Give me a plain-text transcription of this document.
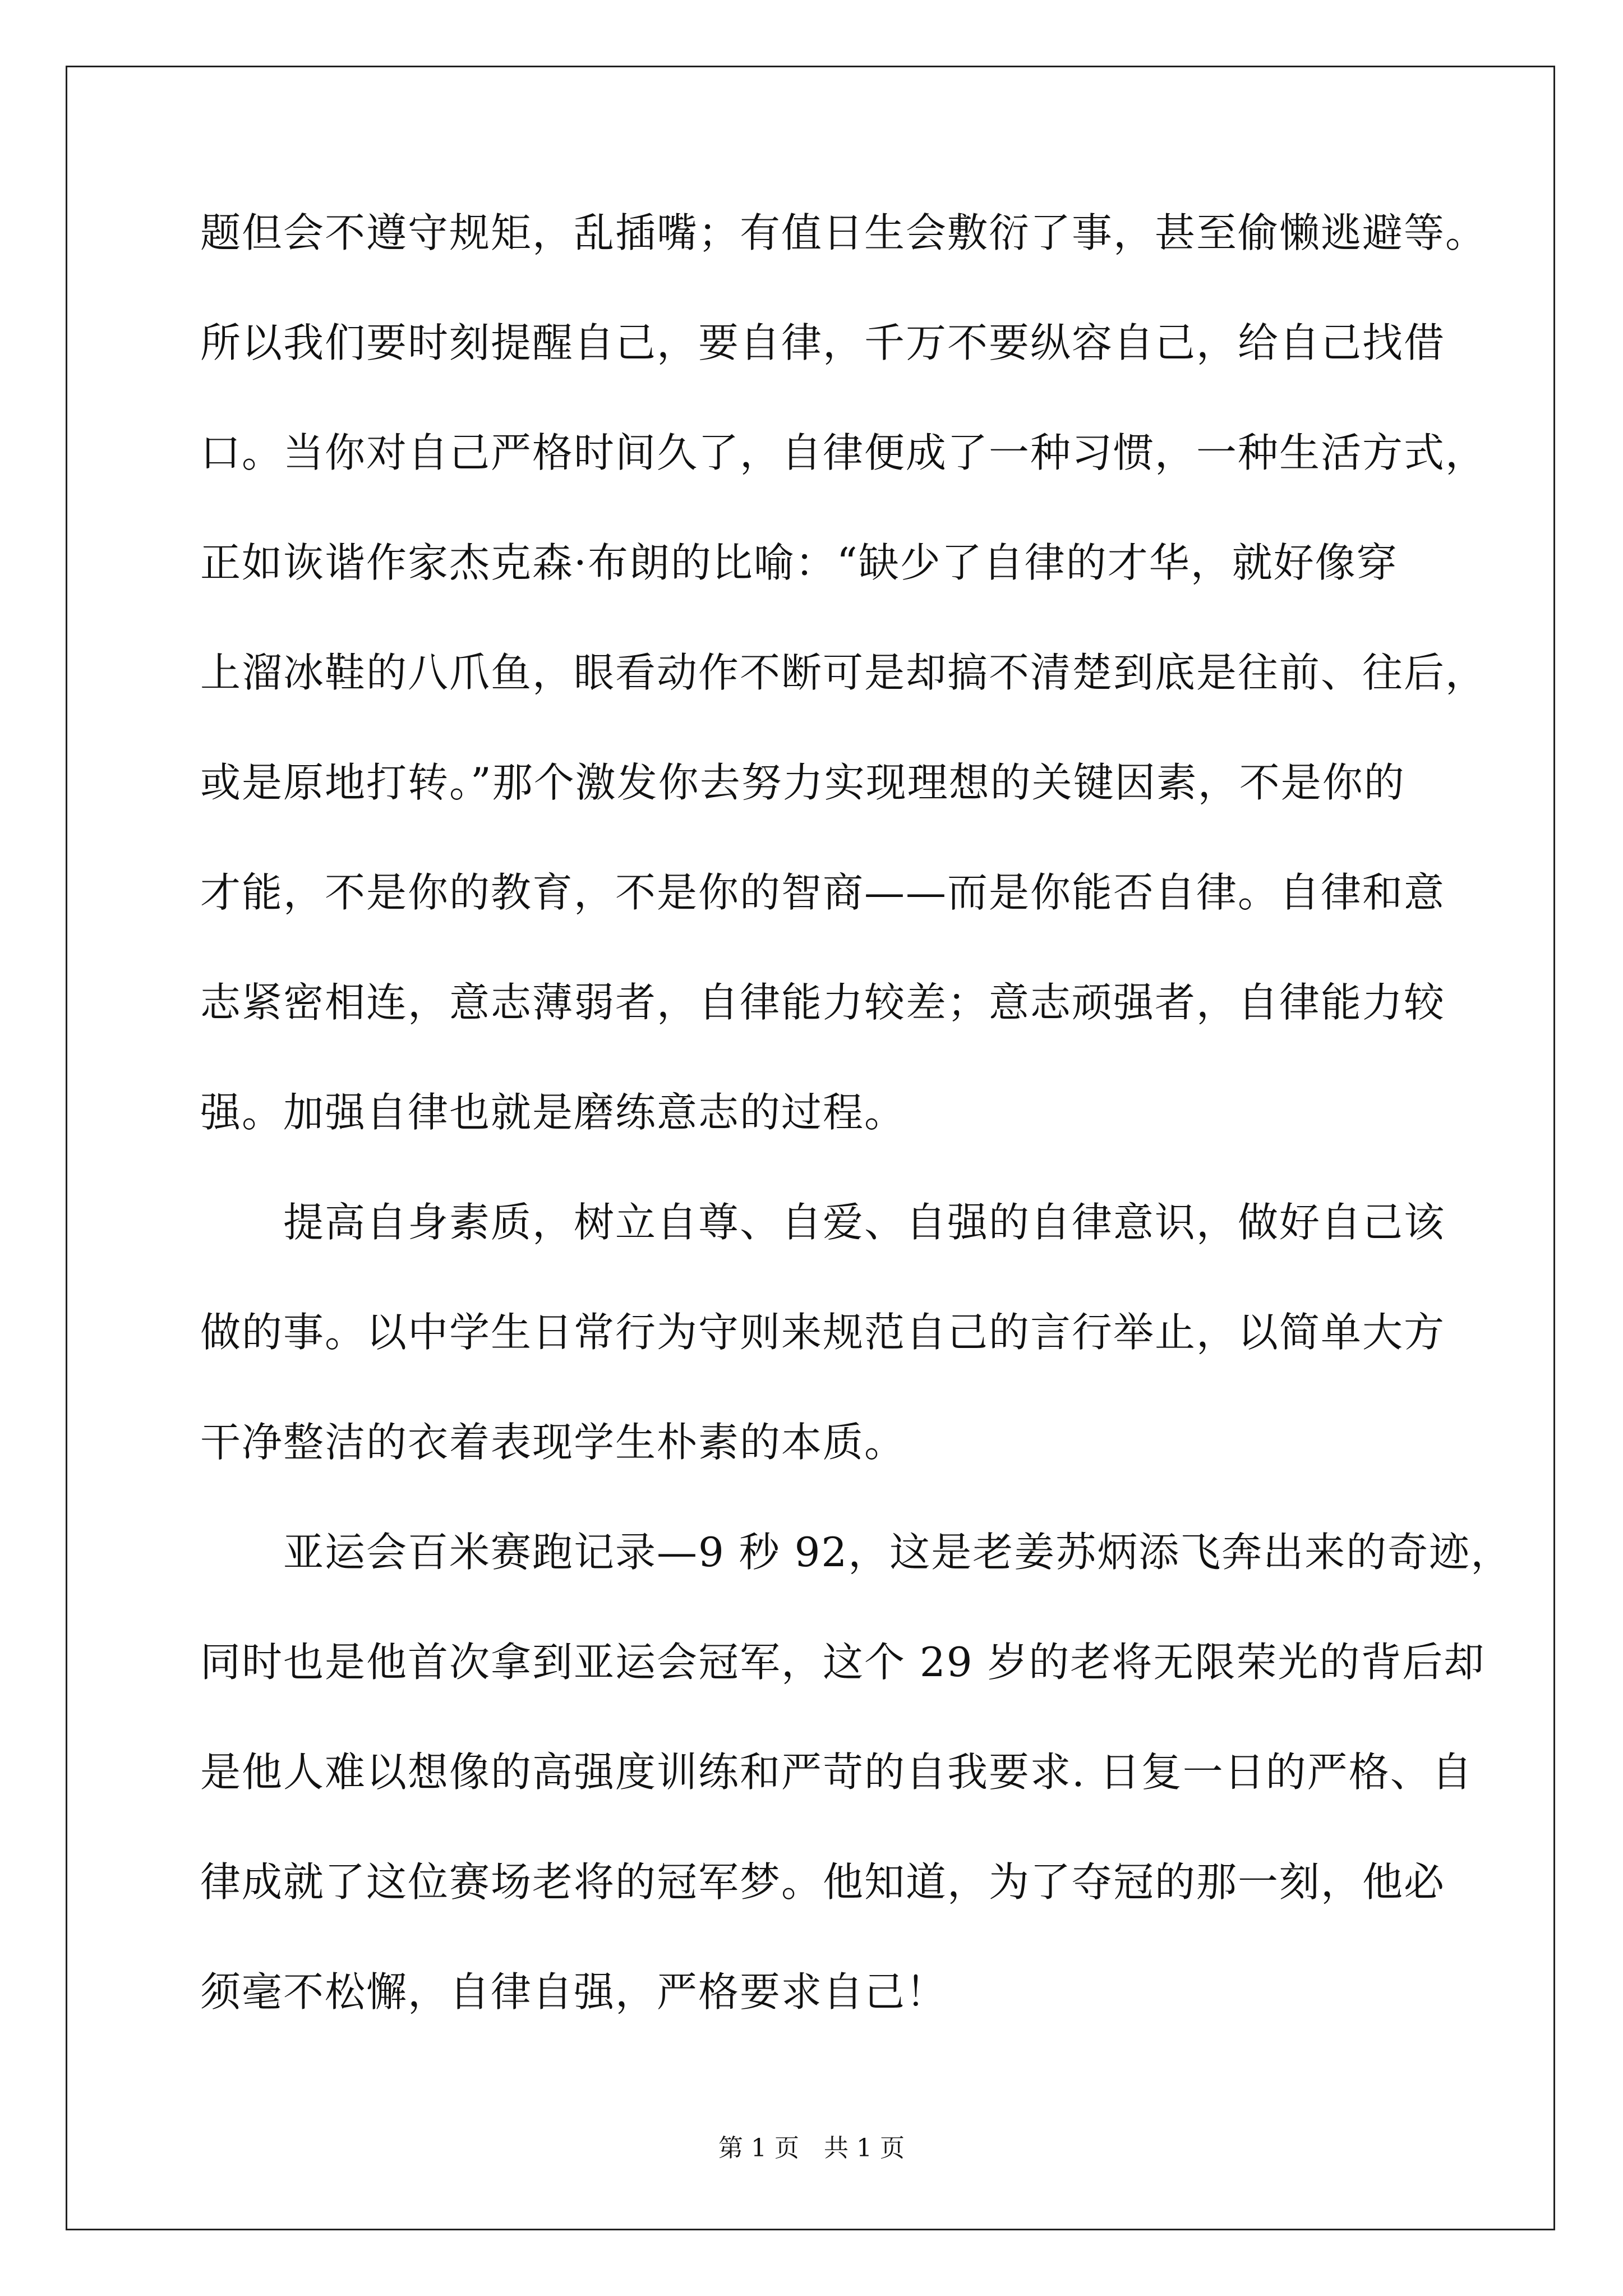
题但会不遵守规矩，乱插嘴；有值日生会敷衍了事，甚至偷懒逃避等。
所以我们要时刻提醒自己，要自律，千万不要纵容自己，给自己找借
口。当你对自己严格时间久了，自律便成了一种习惯，一种生活方式，
正如诙谐作家杰克森·布朗的比喻：“缺少了自律的才华，就好像穿
上溜冰鞋的八爪鱼，眼看动作不断可是却搞不清楚到底是往前、往后，
或是原地打转。”那个激发你去努力实现理想的关键因素，不是你的
才能，不是你的教育，不是你的智商——而是你能否自律。自律和意
志紧密相连，意志薄弱者，自律能力较差；意志顽强者，自律能力较
强。加强自律也就是磨练意志的过程。
　　提高自身素质，树立自尊、自爱、自强的自律意识，做好自己该
做的事。以中学生日常行为守则来规范自己的言行举止，以简单大方
干净整洁的衣着表现学生朴素的本质。
　　亚运会百米赛跑记录—9 秒 92，这是老姜苏炳添飞奔出来的奇迹，
同时也是他首次拿到亚运会冠军，这个 29 岁的老将无限荣光的背后却
是他人难以想像的高强度训练和严苛的自我要求. 日复一日的严格、自
律成就了这位赛场老将的冠军梦。他知道，为了夺冠的那一刻，他必
须毫不松懈，自律自强，严格要求自己！
第 1 页　共 1 页
